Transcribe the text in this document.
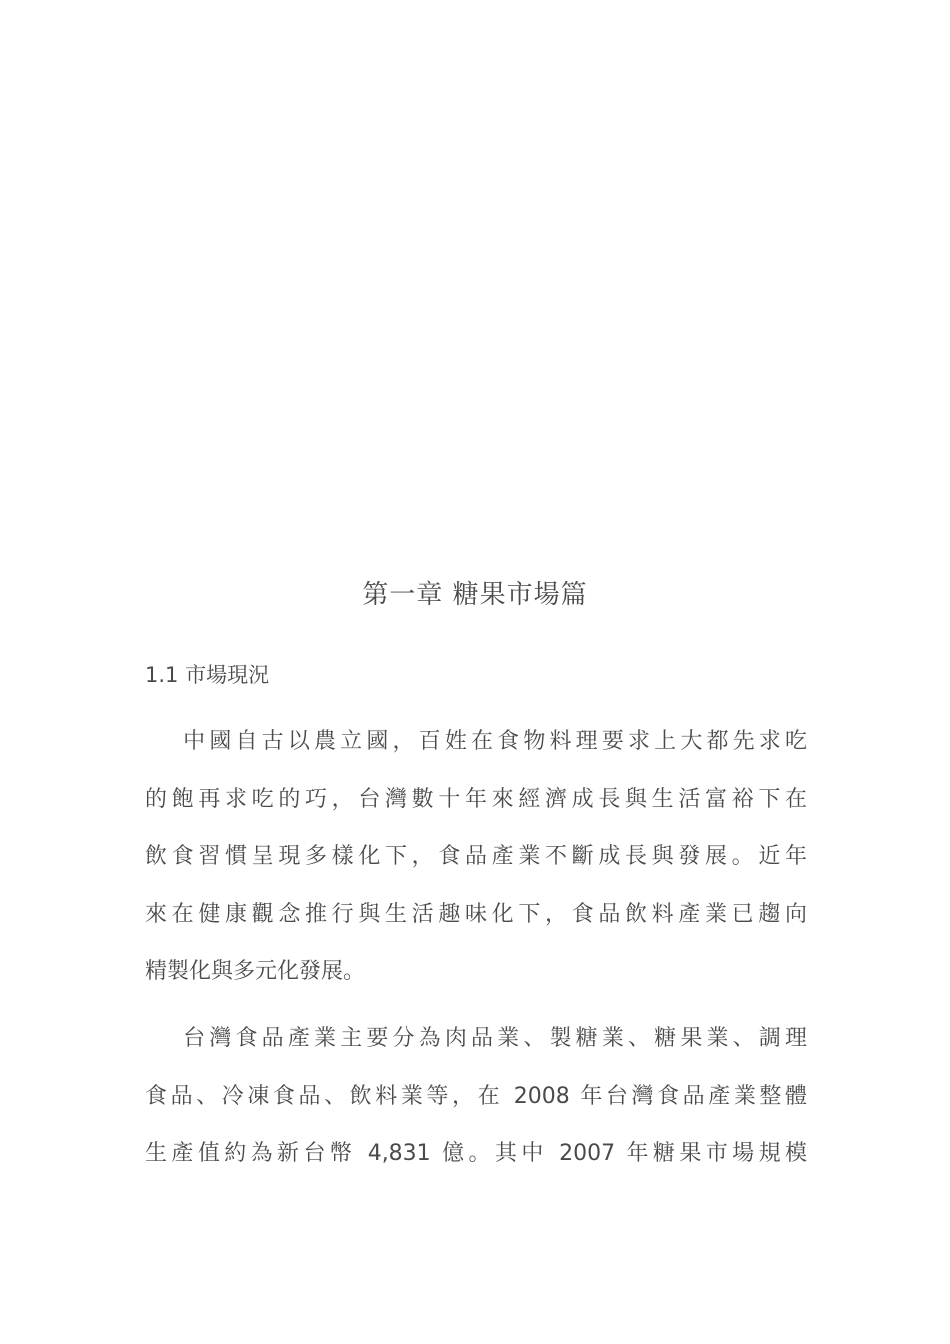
第一章 糖果市場篇
1.1 市場現況

中國自古以農立國，百姓在食物料理要求上大都先求吃
的飽再求吃的巧，台灣數十年來經濟成長與生活富裕下在
飲食習慣呈現多樣化下，食品產業不斷成長與發展。近年
來在健康觀念推行與生活趣味化下，食品飲料產業已趨向
精製化與多元化發展。

台灣食品產業主要分為肉品業、製糖業、糖果業、調理
食品、冷凍食品、飲料業等，在 2008 年台灣食品產業整體
生產值約為新台幣 4,831 億。其中 2007 年糖果市場規模
